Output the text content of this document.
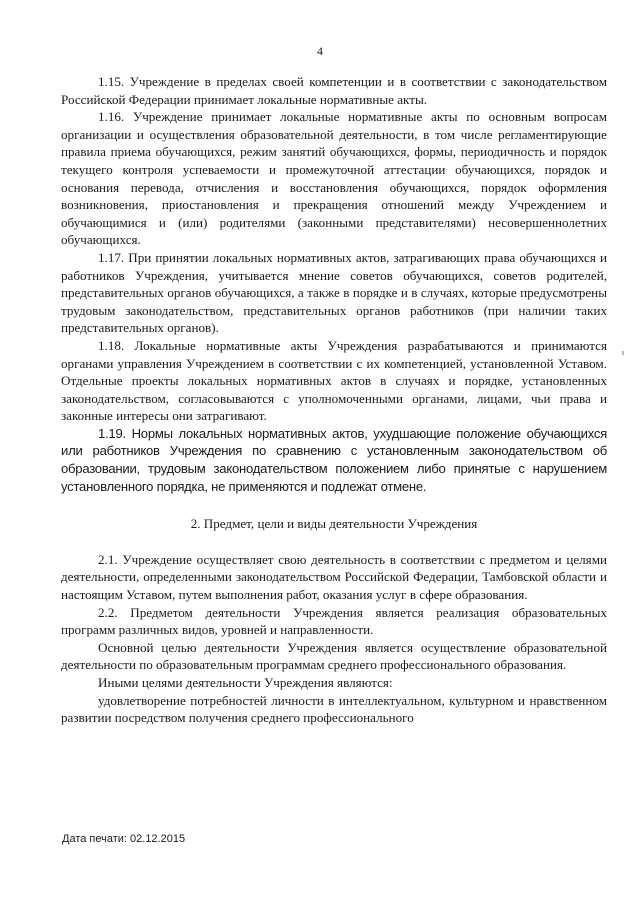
4

1.15. Учреждение в пределах своей компетенции и в соответствии с законодательством Российской Федерации принимает локальные нормативные акты.

1.16. Учреждение принимает локальные нормативные акты по основным вопросам организации и осуществления образовательной деятельности, в том числе регламентирующие правила приема обучающихся, режим занятий обучающихся, формы, периодичность и порядок текущего контроля успеваемости и промежуточной аттестации обучающихся, порядок и основания перевода, отчисления и восстановления обучающихся, порядок оформления возникновения, приостановления и прекращения отношений между Учреждением и обучающимися и (или) родителями (законными представителями) несовершеннолетних обучающихся.

1.17. При принятии локальных нормативных актов, затрагивающих права обучающихся и работников Учреждения, учитывается мнение советов обучающихся, советов родителей, представительных органов обучающихся, а также в порядке и в случаях, которые предусмотрены трудовым законодательством, представительных органов работников (при наличии таких представительных органов).

1.18. Локальные нормативные акты Учреждения разрабатываются и принимаются органами управления Учреждением в соответствии с их компетенцией, установленной Уставом. Отдельные проекты локальных нормативных актов в случаях и порядке, установленных законодательством, согласовываются с уполномоченными органами, лицами, чьи права и законные интересы они затрагивают.

1.19. Нормы локальных нормативных актов, ухудшающие положение обучающихся или работников Учреждения по сравнению с установленным законодательством об образовании, трудовым законодательством положением либо принятые с нарушением установленного порядка, не применяются и подлежат отмене.

2. Предмет, цели и виды деятельности Учреждения

2.1. Учреждение осуществляет свою деятельность в соответствии с предметом и целями деятельности, определенными законодательством Российской Федерации, Тамбовской области и настоящим Уставом, путем выполнения работ, оказания услуг в сфере образования.

2.2. Предметом деятельности Учреждения является реализация образовательных программ различных видов, уровней и направленности.

Основной целью деятельности Учреждения является осуществление образовательной деятельности по образовательным программам среднего профессионального образования.

Иными целями деятельности Учреждения являются:

удовлетворение потребностей личности в интеллектуальном, культурном и нравственном развитии посредством получения среднего профессионального

Дата печати: 02.12.2015
